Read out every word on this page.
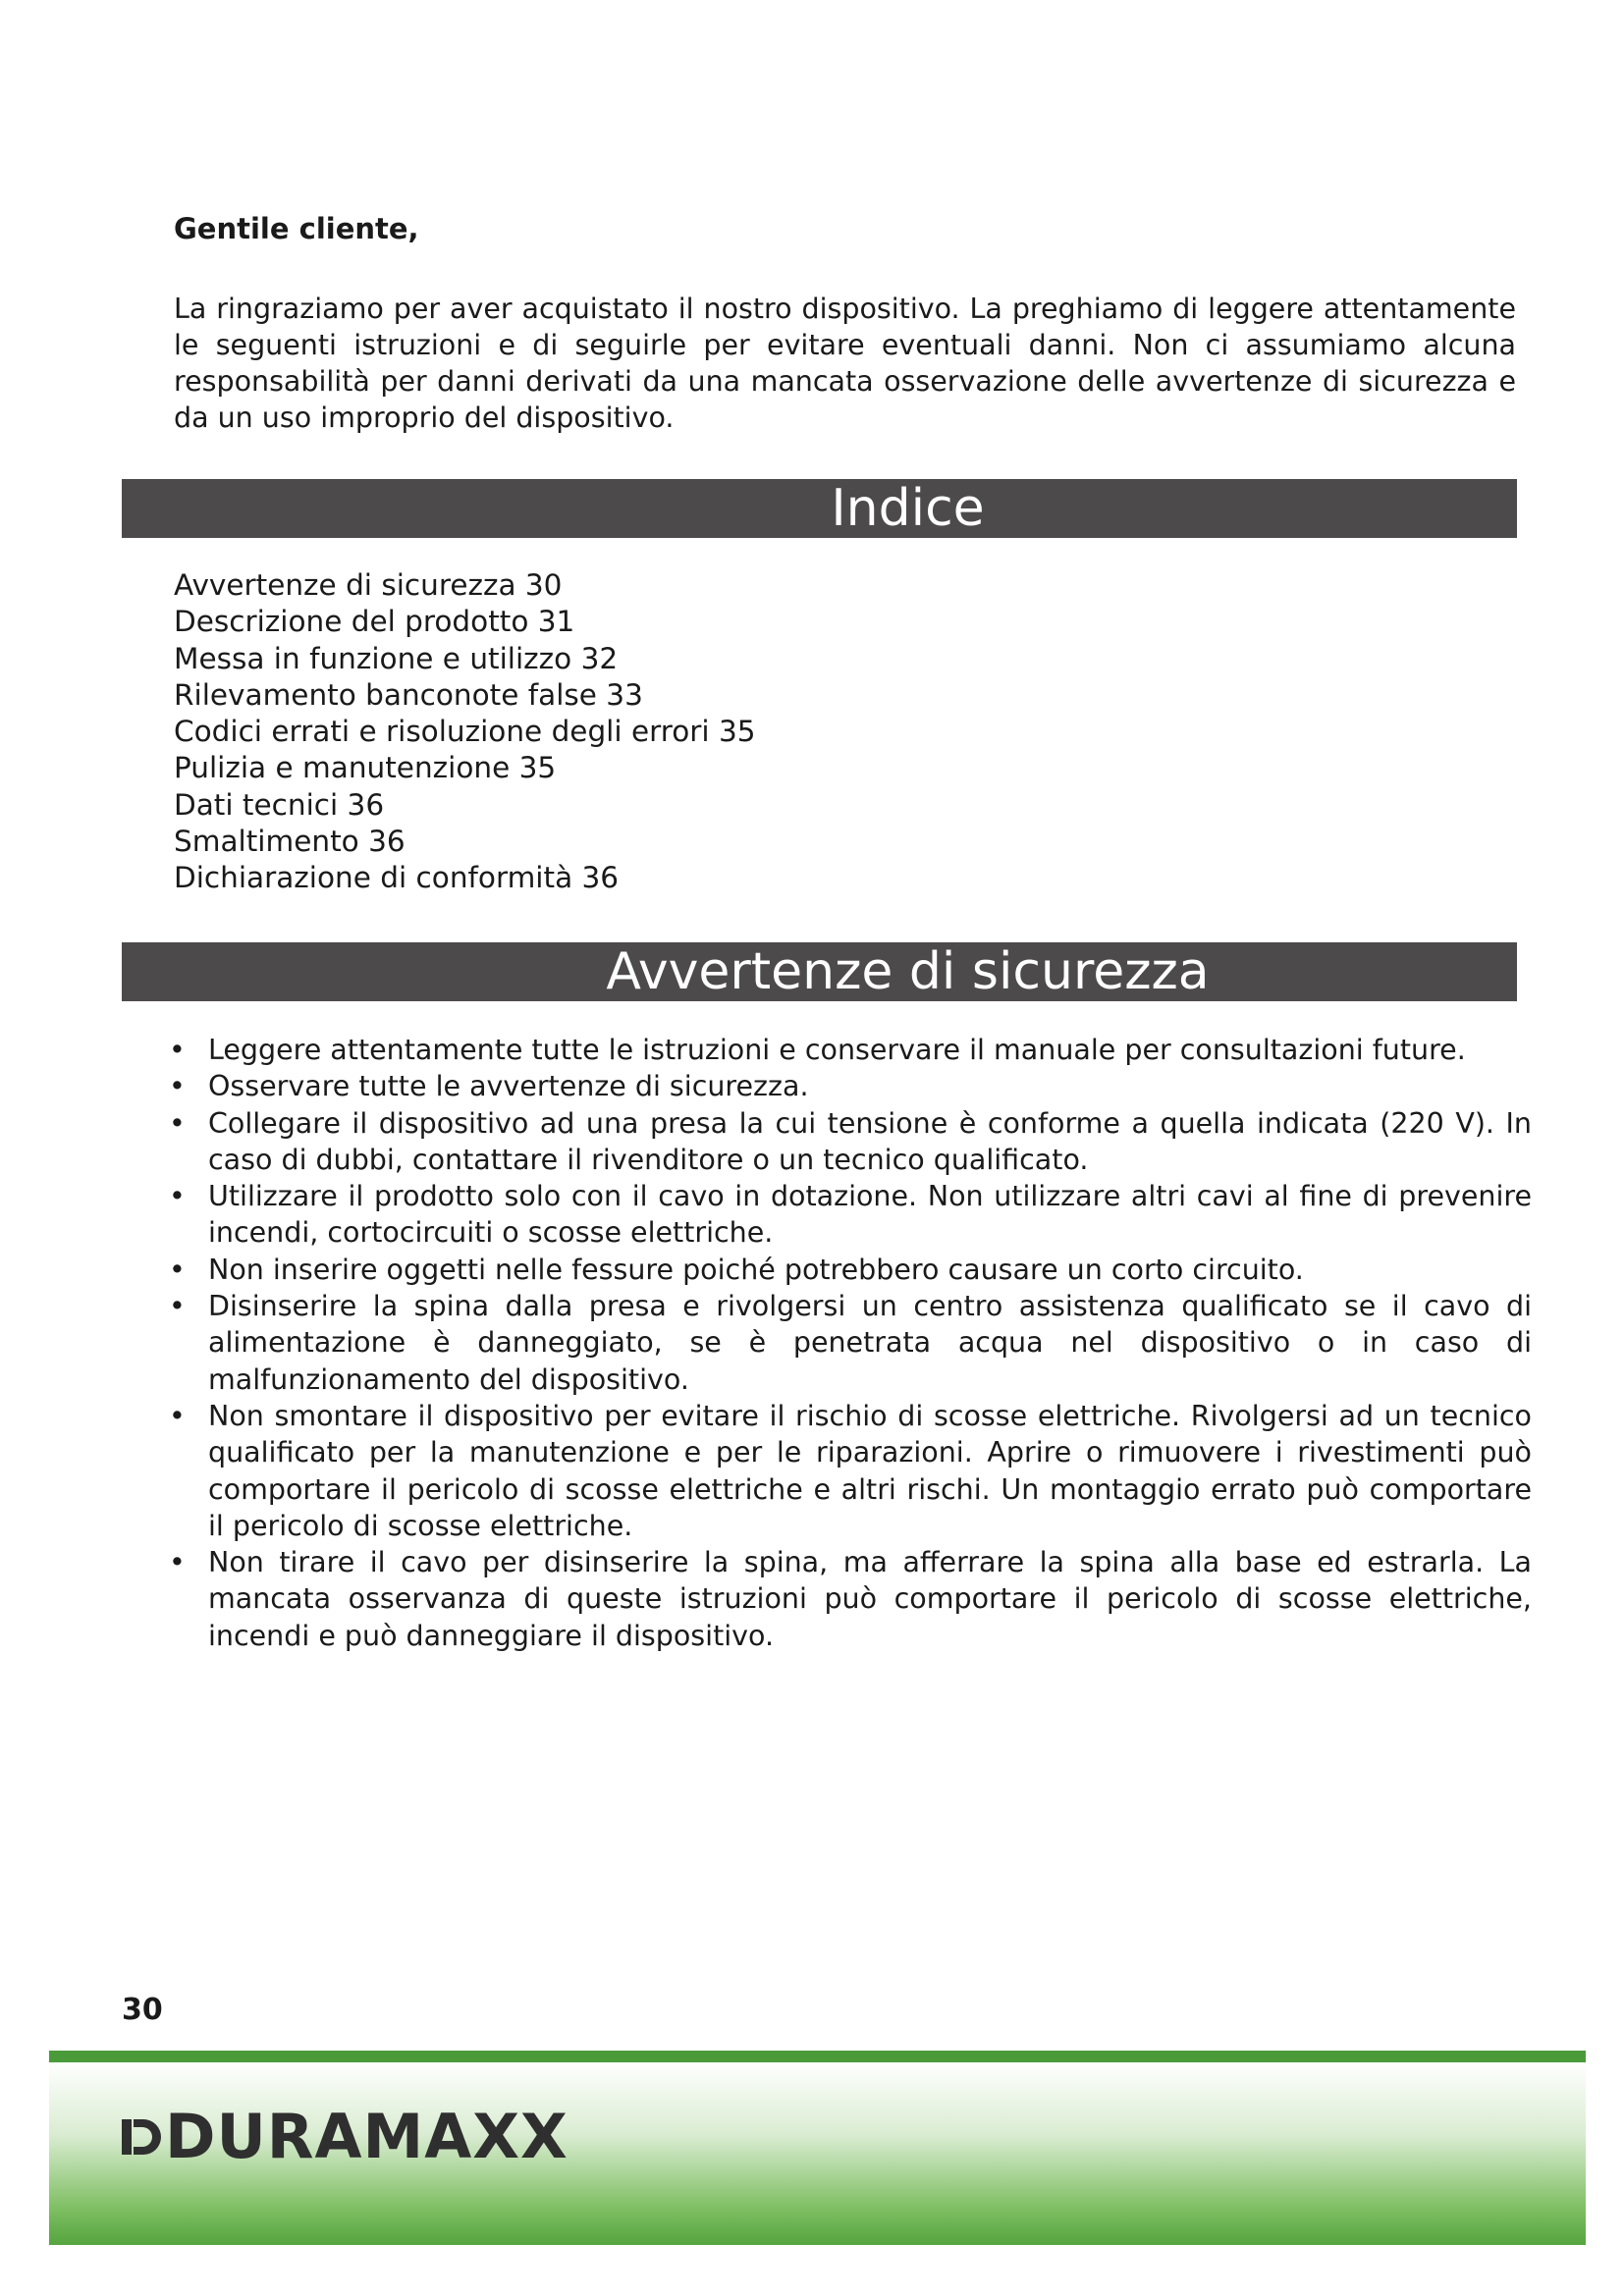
Gentile cliente,

La ringraziamo per aver acquistato il nostro dispositivo. La preghiamo di leggere attentamente le seguenti istruzioni e di seguirle per evitare eventuali danni. Non ci assumiamo alcuna responsabilità per danni derivati da una mancata osservazione delle avvertenze di sicurezza e da un uso improprio del dispositivo.

Indice
Avvertenze di sicurezza 30
Descrizione del prodotto 31
Messa in funzione e utilizzo 32
Rilevamento banconote false 33
Codici errati e risoluzione degli errori 35
Pulizia e manutenzione 35
Dati tecnici 36
Smaltimento 36
Dichiarazione di conformità 36
Avvertenze di sicurezza
• Leggere attentamente tutte le istruzioni e conservare il manuale per consultazioni future.
• Osservare tutte le avvertenze di sicurezza.
• Collegare il dispositivo ad una presa la cui tensione è conforme a quella indicata (220 V). In caso di dubbi, contattare il rivenditore o un tecnico qualificato.
• Utilizzare il prodotto solo con il cavo in dotazione. Non utilizzare altri cavi al fine di prevenire incendi, cortocircuiti o scosse elettriche.
• Non inserire oggetti nelle fessure poiché potrebbero causare un corto circuito.
• Disinserire la spina dalla presa e rivolgersi un centro assistenza qualificato se il cavo di alimentazione è danneggiato, se è penetrata acqua nel dispositivo o in caso di malfunzionamento del dispositivo.
• Non smontare il dispositivo per evitare il rischio di scosse elettriche. Rivolgersi ad un tecnico qualificato per la manutenzione e per le riparazioni. Aprire o rimuovere i rivestimenti può comportare il pericolo di scosse elettriche e altri rischi. Un montaggio errato può comportare il pericolo di scosse elettriche.
• Non tirare il cavo per disinserire la spina, ma afferrare la spina alla base ed estrarla. La mancata osservanza di queste istruzioni può comportare il pericolo di scosse elettriche, incendi e può danneggiare il dispositivo.

30

DURAMAXX
